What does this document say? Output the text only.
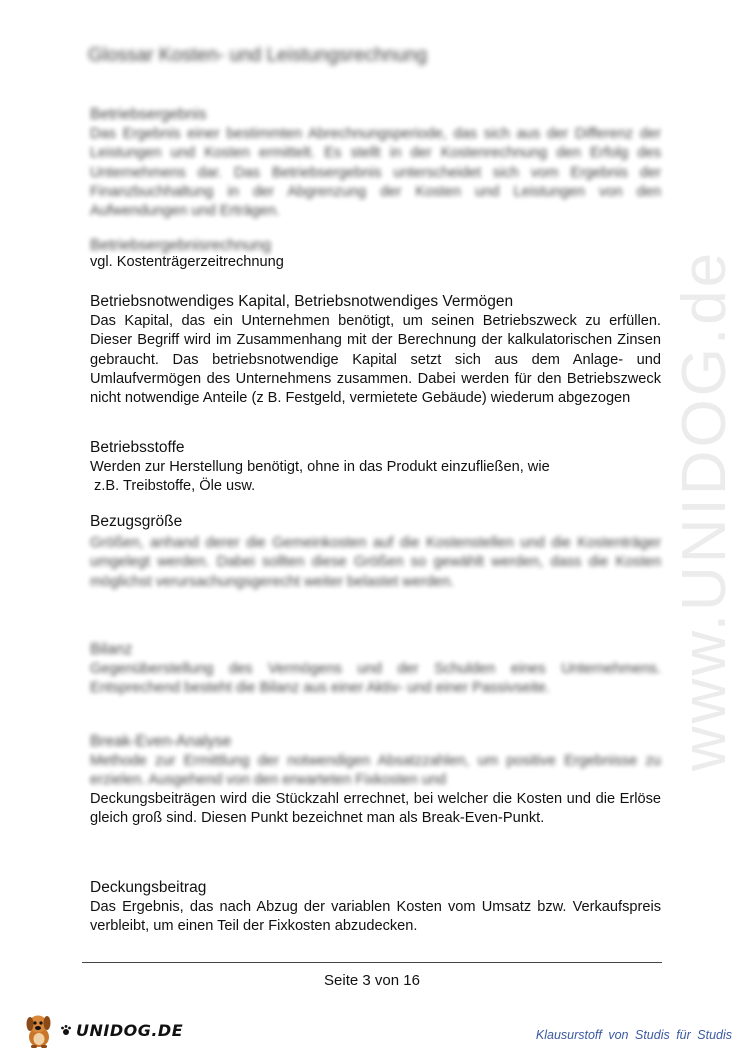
Glossar Kosten- und Leistungsrechnung
Betriebsergebnis
Das Ergebnis einer bestimmten Abrechnungsperiode, das sich aus der Differenz der Leistungen und Kosten ermittelt. Es stellt in der Kostenrechnung den Erfolg des Unternehmens dar. Das Betriebsergebnis unterscheidet sich vom Ergebnis der Finanzbuchhaltung in der Abgrenzung der Kosten und Leistungen von den Aufwendungen und Erträgen.
Betriebsergebnisrechnung
vgl. Kostenträgerzeitrechnung
Betriebsnotwendiges Kapital, Betriebsnotwendiges Vermögen
Das Kapital, das ein Unternehmen benötigt, um seinen Betriebszweck zu erfüllen. Dieser Begriff wird im Zusammenhang mit der Berechnung der kalkulatorischen Zinsen gebraucht. Das betriebsnotwendige Kapital setzt sich aus dem Anlage- und Umlaufvermögen des Unternehmens zusammen. Dabei werden für den Betriebszweck nicht notwendige Anteile (z B. Festgeld, vermietete Gebäude) wiederum abgezogen
Betriebsstoffe
Werden zur Herstellung benötigt, ohne in das Produkt einzufließen, wie
z.B. Treibstoffe, Öle usw.
Bezugsgröße
Größen, anhand derer die Gemeinkosten auf die Kostenstellen und die Kostenträger umgelegt werden. Dabei sollten diese Größen so gewählt werden, dass die Kosten möglichst verursachungsgerecht weiter belastet werden.
Bilanz
Gegenüberstellung des Vermögens und der Schulden eines Unternehmens. Entsprechend besteht die Bilanz aus einer Aktiv- und einer Passivseite.
Break-Even-Analyse
Methode zur Ermittlung der notwendigen Absatzzahlen, um positive Ergebnisse zu erzielen. Ausgehend von den erwarteten Fixkosten und
Deckungsbeiträgen wird die Stückzahl errechnet, bei welcher die Kosten und die Erlöse gleich groß sind. Diesen Punkt bezeichnet man als Break-Even-Punkt.
Deckungsbeitrag
Das Ergebnis, das nach Abzug der variablen Kosten vom Umsatz bzw. Verkaufspreis verbleibt, um einen Teil der Fixkosten abzudecken.
www.UNIDOG.de
Seite 3 von 16
UNIDOG.DE	Klausurstoff von Studis für Studis
